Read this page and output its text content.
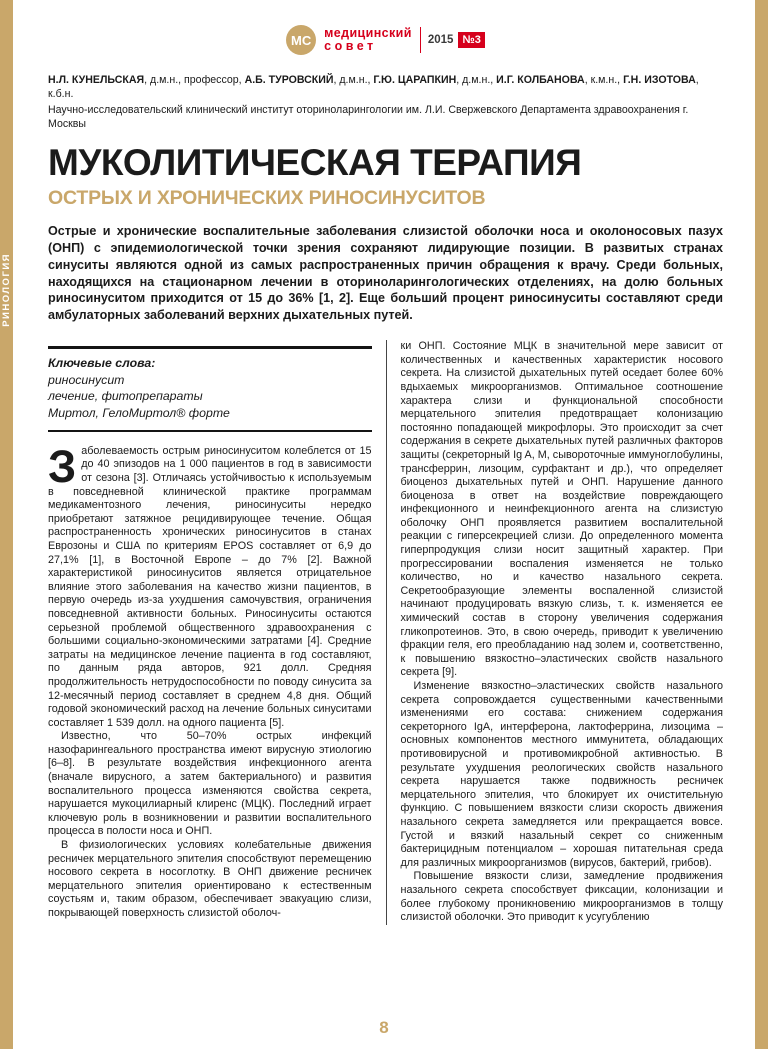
РИНОЛОГИЯ
МС медицинский
совет	2015 №3

Н.Л. КУНЕЛЬСКАЯ, д.м.н., профессор, А.Б. ТУРОВСКИЙ, д.м.н., Г.Ю. ЦАРАПКИН, д.м.н., И.Г. КОЛБАНОВА, к.м.н., Г.Н. ИЗОТОВА, к.б.н.

Научно-исследовательский клинический институт оториноларингологии им. Л.И. Свержевского Департамента здравоохранения г. Москвы

МУКОЛИТИЧЕСКАЯ ТЕРАПИЯ
ОСТРЫХ И ХРОНИЧЕСКИХ РИНОСИНУСИТОВ

Острые и хронические воспалительные заболевания слизистой оболочки носа и околоносовых пазух (ОНП) с эпидемиологической точки зрения сохраняют лидирующие позиции. В развитых странах синуситы являются одной из самых распространенных причин обращения к врачу. Среди больных, находящихся на стационарном лечении в оториноларингологических отделениях, на долю больных риносинуситом приходится от 15 до 36% [1, 2]. Еще больший процент риносинуситы составляют среди амбулаторных заболеваний верхних дыхательных путей.

Ключевые слова:

риносинусит
лечение, фитопрепараты
Миртол, ГелоМиртол® форте

Заболеваемость острым риносинуситом колеблется от 15 до 40 эпизодов на 1 000 пациентов в год в зависимости от сезона [3]. Отличаясь устойчивостью к используемым в повседневной клинической практике программам медикаментозного лечения, риносинуситы нередко приобретают затяжное рецидивирующее течение. Общая распространенность хронических риносинуситов в станах Еврозоны и США по критериям EPOS составляет от 6,9 до 27,1% [1], в Восточной Европе – до 7% [2]. Важной характеристикой риносинуситов является отрицательное влияние этого заболевания на качество жизни пациентов, в первую очередь из-за ухудшения самочувствия, ограничения повседневной активности больных. Риносинуситы остаются серьезной проблемой общественного здравоохранения с большими социально-экономическими затратами [4]. Средние затраты на медицинское лечение пациента в год составляют, по данным ряда авторов, 921 долл. Средняя продолжительность нетрудоспособности по поводу синусита за 12-месячный период составляет в среднем 4,8 дня. Общий годовой экономический расход на лечение больных синуситами составляет 1 539 долл. на одного пациента [5].

Известно, что 50–70% острых инфекций назофарингеального пространства имеют вирусную этиологию [6–8]. В результате воздействия инфекционного агента (вначале вирусного, а затем бактериального) и развития воспалительного процесса изменяются свойства секрета, нарушается мукоцилиарный клиренс (МЦК). Последний играет ключевую роль в возникновении и развитии воспалительного процесса в полости носа и ОНП.

В физиологических условиях колебательные движения ресничек мерцательного эпителия способствуют перемещению носового секрета в носоглотку. В ОНП движение ресничек мерцательного эпителия ориентировано к естественным соустьям и, таким образом, обеспечивает эвакуацию слизи, покрывающей поверхность слизистой оболоч-

ки ОНП. Состояние МЦК в значительной мере зависит от количественных и качественных характеристик носового секрета. На слизистой дыхательных путей оседает более 60% вдыхаемых микроорганизмов. Оптимальное соотношение характера слизи и функциональной способности мерцательного эпителия предотвращает колонизацию постоянно попадающей микрофлоры. Это происходит за счет содержания в секрете дыхательных путей различных факторов защиты (секреторный Ig A, M, сывороточные иммуноглобулины, трансферрин, лизоцим, сурфактант и др.), что определяет биоценоз дыхательных путей и ОНП. Нарушение данного биоценоза в ответ на воздействие повреждающего инфекционного и неинфекционного агента на слизистую оболочку ОНП проявляется развитием воспалительной реакции с гиперсекрецией слизи. До определенного момента гиперпродукция слизи носит защитный характер. При прогрессировании воспаления изменяется не только количество, но и качество назального секрета. Секретообразующие элементы воспаленной слизистой начинают продуцировать вязкую слизь, т. к. изменяется ее химический состав в сторону увеличения содержания гликопротеинов. Это, в свою очередь, приводит к увеличению фракции геля, его преобладанию над золем и, соответственно, к повышению вязкостно–эластических свойств назального секрета [9].

Изменение вязкостно–эластических свойств назального секрета сопровождается существенными качественными изменениями его состава: снижением содержания секреторного IgA, интерферона, лактоферрина, лизоцима – основных компонентов местного иммунитета, обладающих противовирусной и противомикробной активностью. В результате ухудшения реологических свойств назального секрета нарушается также подвижность ресничек мерцательного эпителия, что блокирует их очистительную функцию. С повышением вязкости слизи скорость движения назального секрета замедляется или прекращается вовсе. Густой и вязкий назальный секрет со сниженным бактерицидным потенциалом – хорошая питательная среда для различных микроорганизмов (вирусов, бактерий, грибов).

Повышение вязкости слизи, замедление продвижения назального секрета способствует фиксации, колонизации и более глубокому проникновению микроорганизмов в толщу слизистой оболочки. Это приводит к усугублению

8
